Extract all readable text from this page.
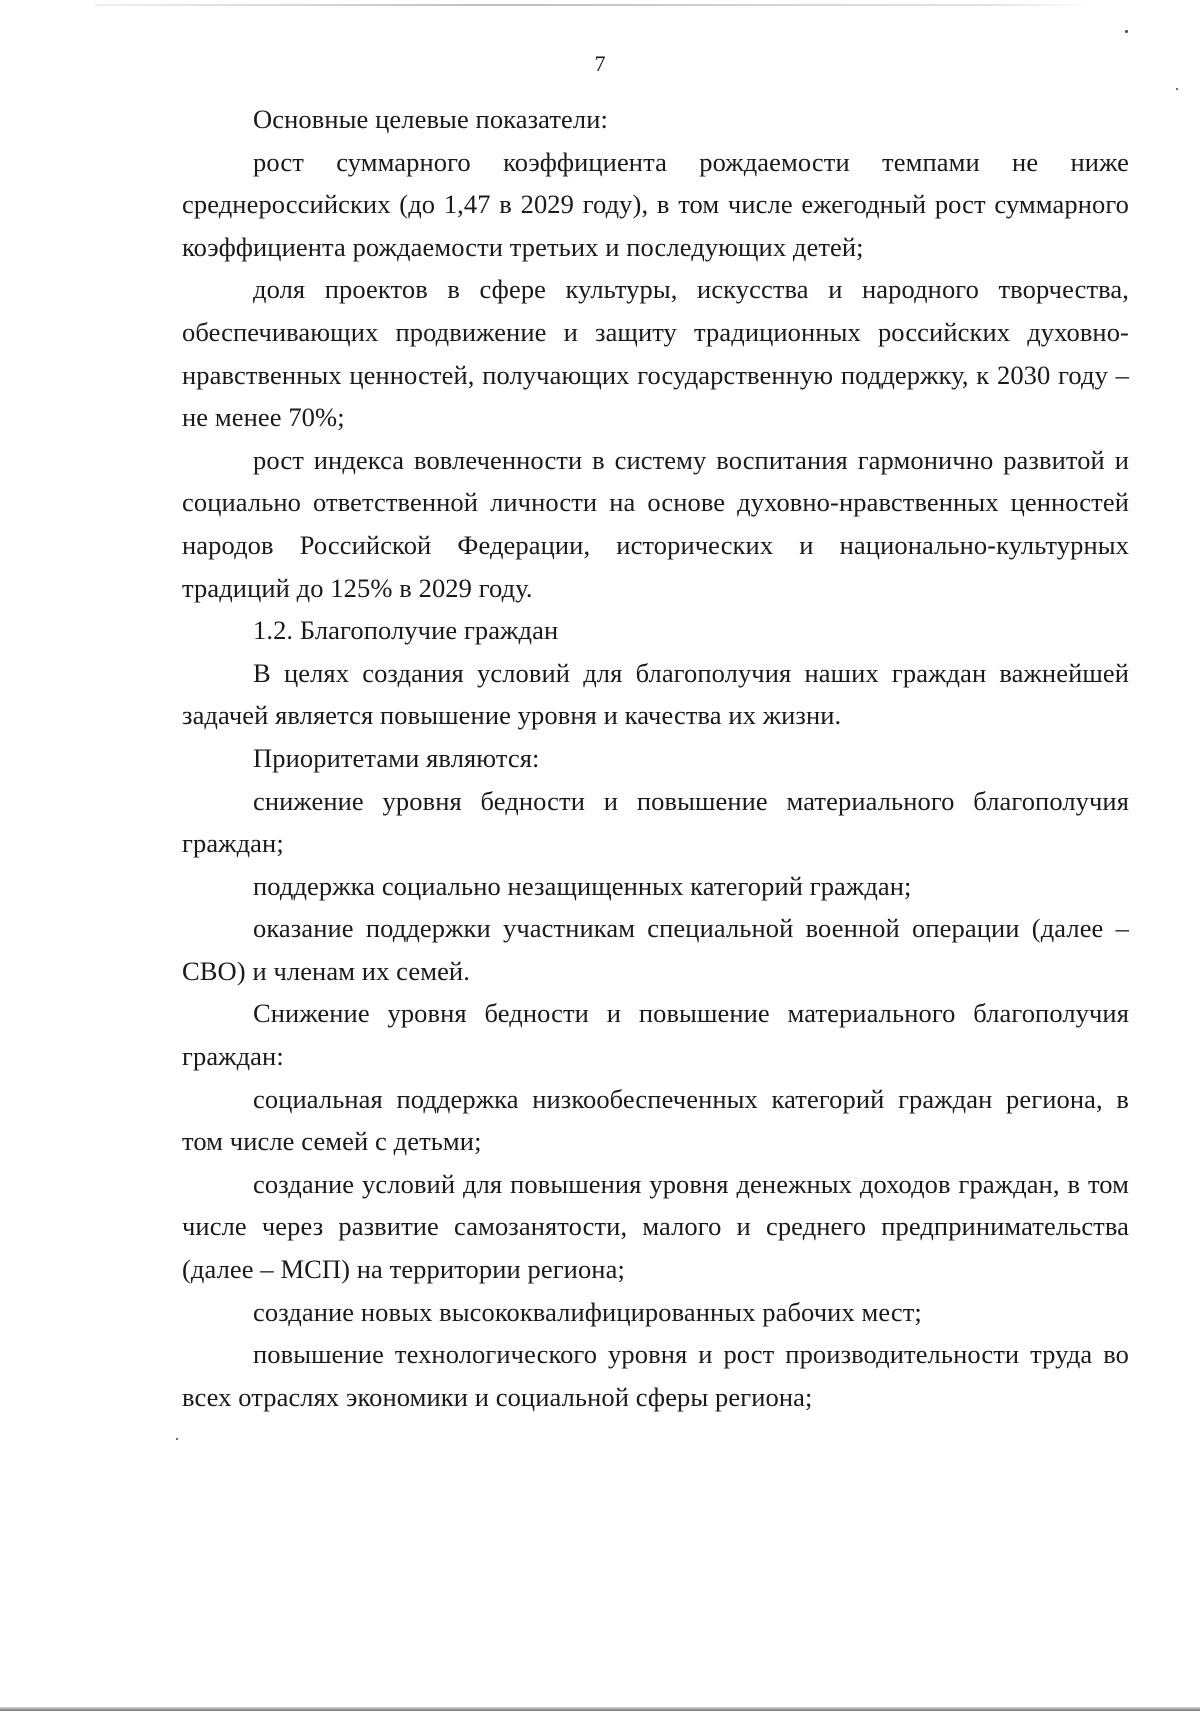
7

Основные целевые показатели:

рост суммарного коэффициента рождаемости темпами не ниже среднероссийских (до 1,47 в 2029 году), в том числе ежегодный рост суммарного коэффициента рождаемости третьих и последующих детей;

доля проектов в сфере культуры, искусства и народного творчества, обеспечивающих продвижение и защиту традиционных российских духовно-нравственных ценностей, получающих государственную поддержку, к 2030 году – не менее 70%;

рост индекса вовлеченности в систему воспитания гармонично развитой и социально ответственной личности на основе духовно-нравственных ценностей народов Российской Федерации, исторических и национально-культурных традиций до 125% в 2029 году.

1.2. Благополучие граждан

В целях создания условий для благополучия наших граждан важнейшей задачей является повышение уровня и качества их жизни.

Приоритетами являются:

снижение уровня бедности и повышение материального благополучия граждан;

поддержка социально незащищенных категорий граждан;

оказание поддержки участникам специальной военной операции (далее – СВО) и членам их семей.

Снижение уровня бедности и повышение материального благополучия граждан:

социальная поддержка низкообеспеченных категорий граждан региона, в том числе семей с детьми;

создание условий для повышения уровня денежных доходов граждан, в том числе через развитие самозанятости, малого и среднего предпринимательства (далее – МСП) на территории региона;

создание новых высококвалифицированных рабочих мест;

повышение технологического уровня и рост производительности труда во всех отраслях экономики и социальной сферы региона;
